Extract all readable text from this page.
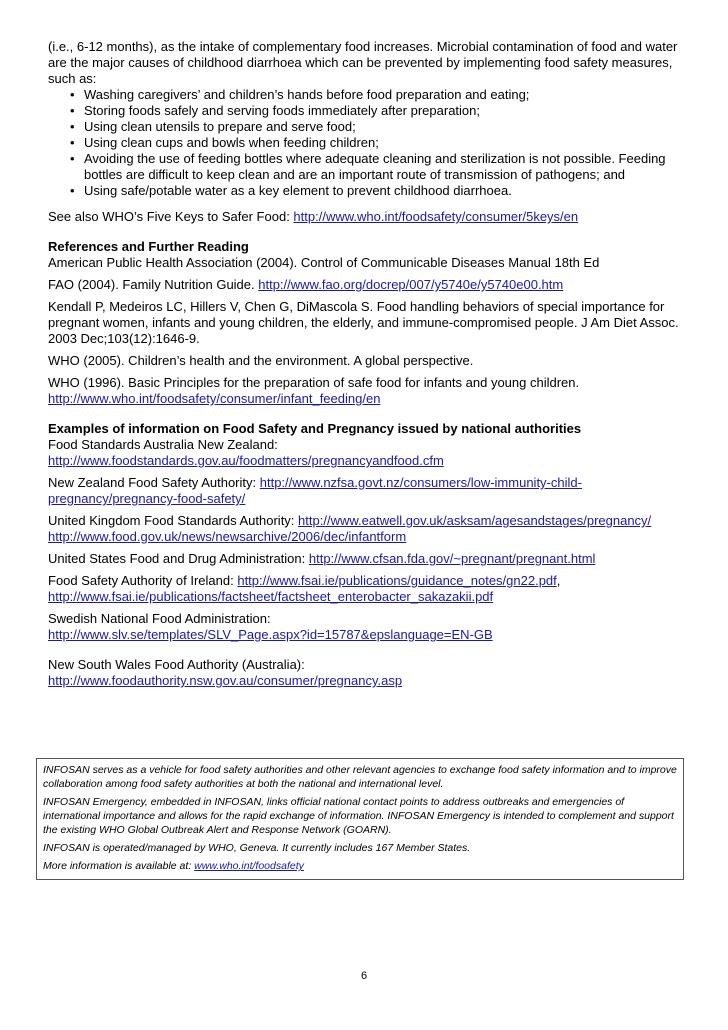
(i.e., 6-12 months), as the intake of complementary food increases. Microbial contamination of food and water are the major causes of childhood diarrhoea which can be prevented by implementing food safety measures, such as:

• Washing caregivers’ and children’s hands before food preparation and eating;
• Storing foods safely and serving foods immediately after preparation;
• Using clean utensils to prepare and serve food;
• Using clean cups and bowls when feeding children;
• Avoiding the use of feeding bottles where adequate cleaning and sterilization is not possible. Feeding bottles are difficult to keep clean and are an important route of transmission of pathogens; and
• Using safe/potable water as a key element to prevent childhood diarrhoea.

See also WHO’s Five Keys to Safer Food: http://www.who.int/foodsafety/consumer/5keys/en

References and Further Reading

American Public Health Association (2004). Control of Communicable Diseases Manual 18th Ed

FAO (2004). Family Nutrition Guide. http://www.fao.org/docrep/007/y5740e/y5740e00.htm

Kendall P, Medeiros LC, Hillers V, Chen G, DiMascola S. Food handling behaviors of special importance for pregnant women, infants and young children, the elderly, and immune-compromised people. J Am Diet Assoc. 2003 Dec;103(12):1646-9.

WHO (2005). Children’s health and the environment. A global perspective.

WHO (1996). Basic Principles for the preparation of safe food for infants and young children.
http://www.who.int/foodsafety/consumer/infant_feeding/en

Examples of information on Food Safety and Pregnancy issued by national authorities

Food Standards Australia New Zealand:
http://www.foodstandards.gov.au/foodmatters/pregnancyandfood.cfm

New Zealand Food Safety Authority: http://www.nzfsa.govt.nz/consumers/low-immunity-child-pregnancy/pregnancy-food-safety/

United Kingdom Food Standards Authority: http://www.eatwell.gov.uk/asksam/agesandstages/pregnancy/
http://www.food.gov.uk/news/newsarchive/2006/dec/infantform

United States Food and Drug Administration: http://www.cfsan.fda.gov/~pregnant/pregnant.html

Food Safety Authority of Ireland: http://www.fsai.ie/publications/guidance_notes/gn22.pdf,
http://www.fsai.ie/publications/factsheet/factsheet_enterobacter_sakazakii.pdf

Swedish National Food Administration:
http://www.slv.se/templates/SLV_Page.aspx?id=15787&epslanguage=EN-GB

New South Wales Food Authority (Australia):
http://www.foodauthority.nsw.gov.au/consumer/pregnancy.asp

INFOSAN serves as a vehicle for food safety authorities and other relevant agencies to exchange food safety information and to improve collaboration among food safety authorities at both the national and international level.

INFOSAN Emergency, embedded in INFOSAN, links official national contact points to address outbreaks and emergencies of international importance and allows for the rapid exchange of information. INFOSAN Emergency is intended to complement and support the existing WHO Global Outbreak Alert and Response Network (GOARN).

INFOSAN is operated/managed by WHO, Geneva. It currently includes 167 Member States.

More information is available at: www.who.int/foodsafety

6
